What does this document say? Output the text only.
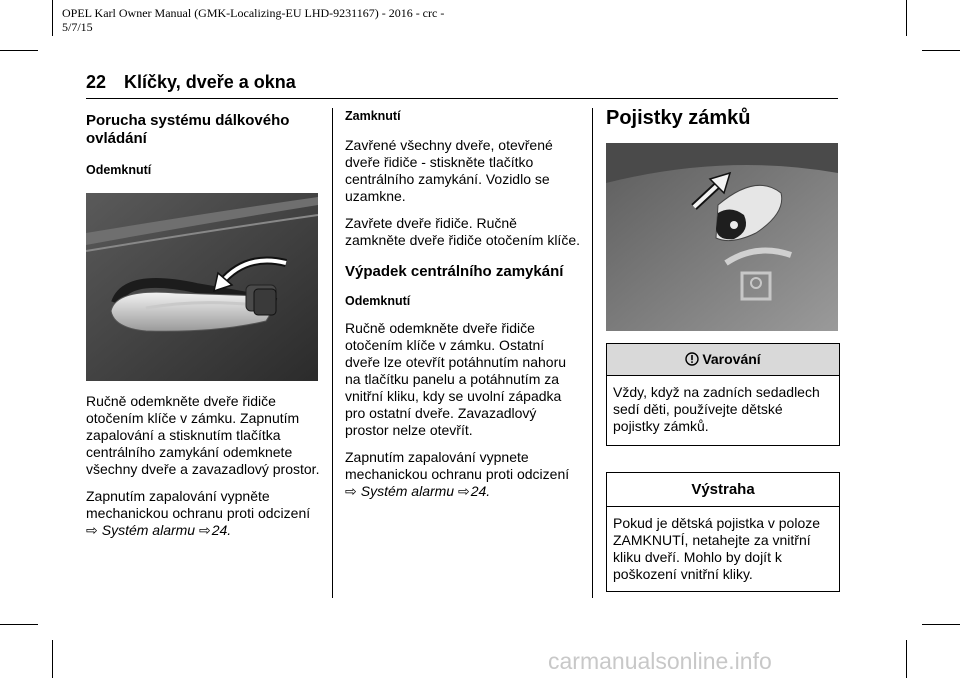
OPEL Karl Owner Manual (GMK-Localizing-EU LHD-9231167) - 2016 - crc -
5/7/15
22 Klíčky, dveře a okna
Porucha systému dálkového ovládání
Odemknutí

Ručně odemkněte dveře řidiče otočením klíče v zámku. Zapnutím zapalování a stisknutím tlačítka centrálního zamykání odemknete všechny dveře a zavazadlový prostor.

Zapnutím zapalování vypněte mechanickou ochranu proti odcizení
⇨ Systém alarmu ⇨24.

Zamknutí

Zavřené všechny dveře, otevřené dveře řidiče - stiskněte tlačítko centrálního zamykání. Vozidlo se uzamkne.

Zavřete dveře řidiče. Ručně zamkněte dveře řidiče otočením klíče.

Výpadek centrálního zamykání
Odemknutí

Ručně odemkněte dveře řidiče otočením klíče v zámku. Ostatní dveře lze otevřít potáhnutím nahoru na tlačítku panelu a potáhnutím za vnitřní kliku, kdy se uvolní západka pro ostatní dveře. Zavazadlový prostor nelze otevřít.

Zapnutím zapalování vypnete mechanickou ochranu proti odcizení
⇨ Systém alarmu ⇨24.

Pojistky zámků
Varování
Vždy, když na zadních sedadlech sedí děti, používejte dětské pojistky zámků.
Výstraha
Pokud je dětská pojistka v poloze ZAMKNUTÍ, netahejte za vnitřní kliku dveří. Mohlo by dojít k poškození vnitřní kliky.
carmanualsonline.info
